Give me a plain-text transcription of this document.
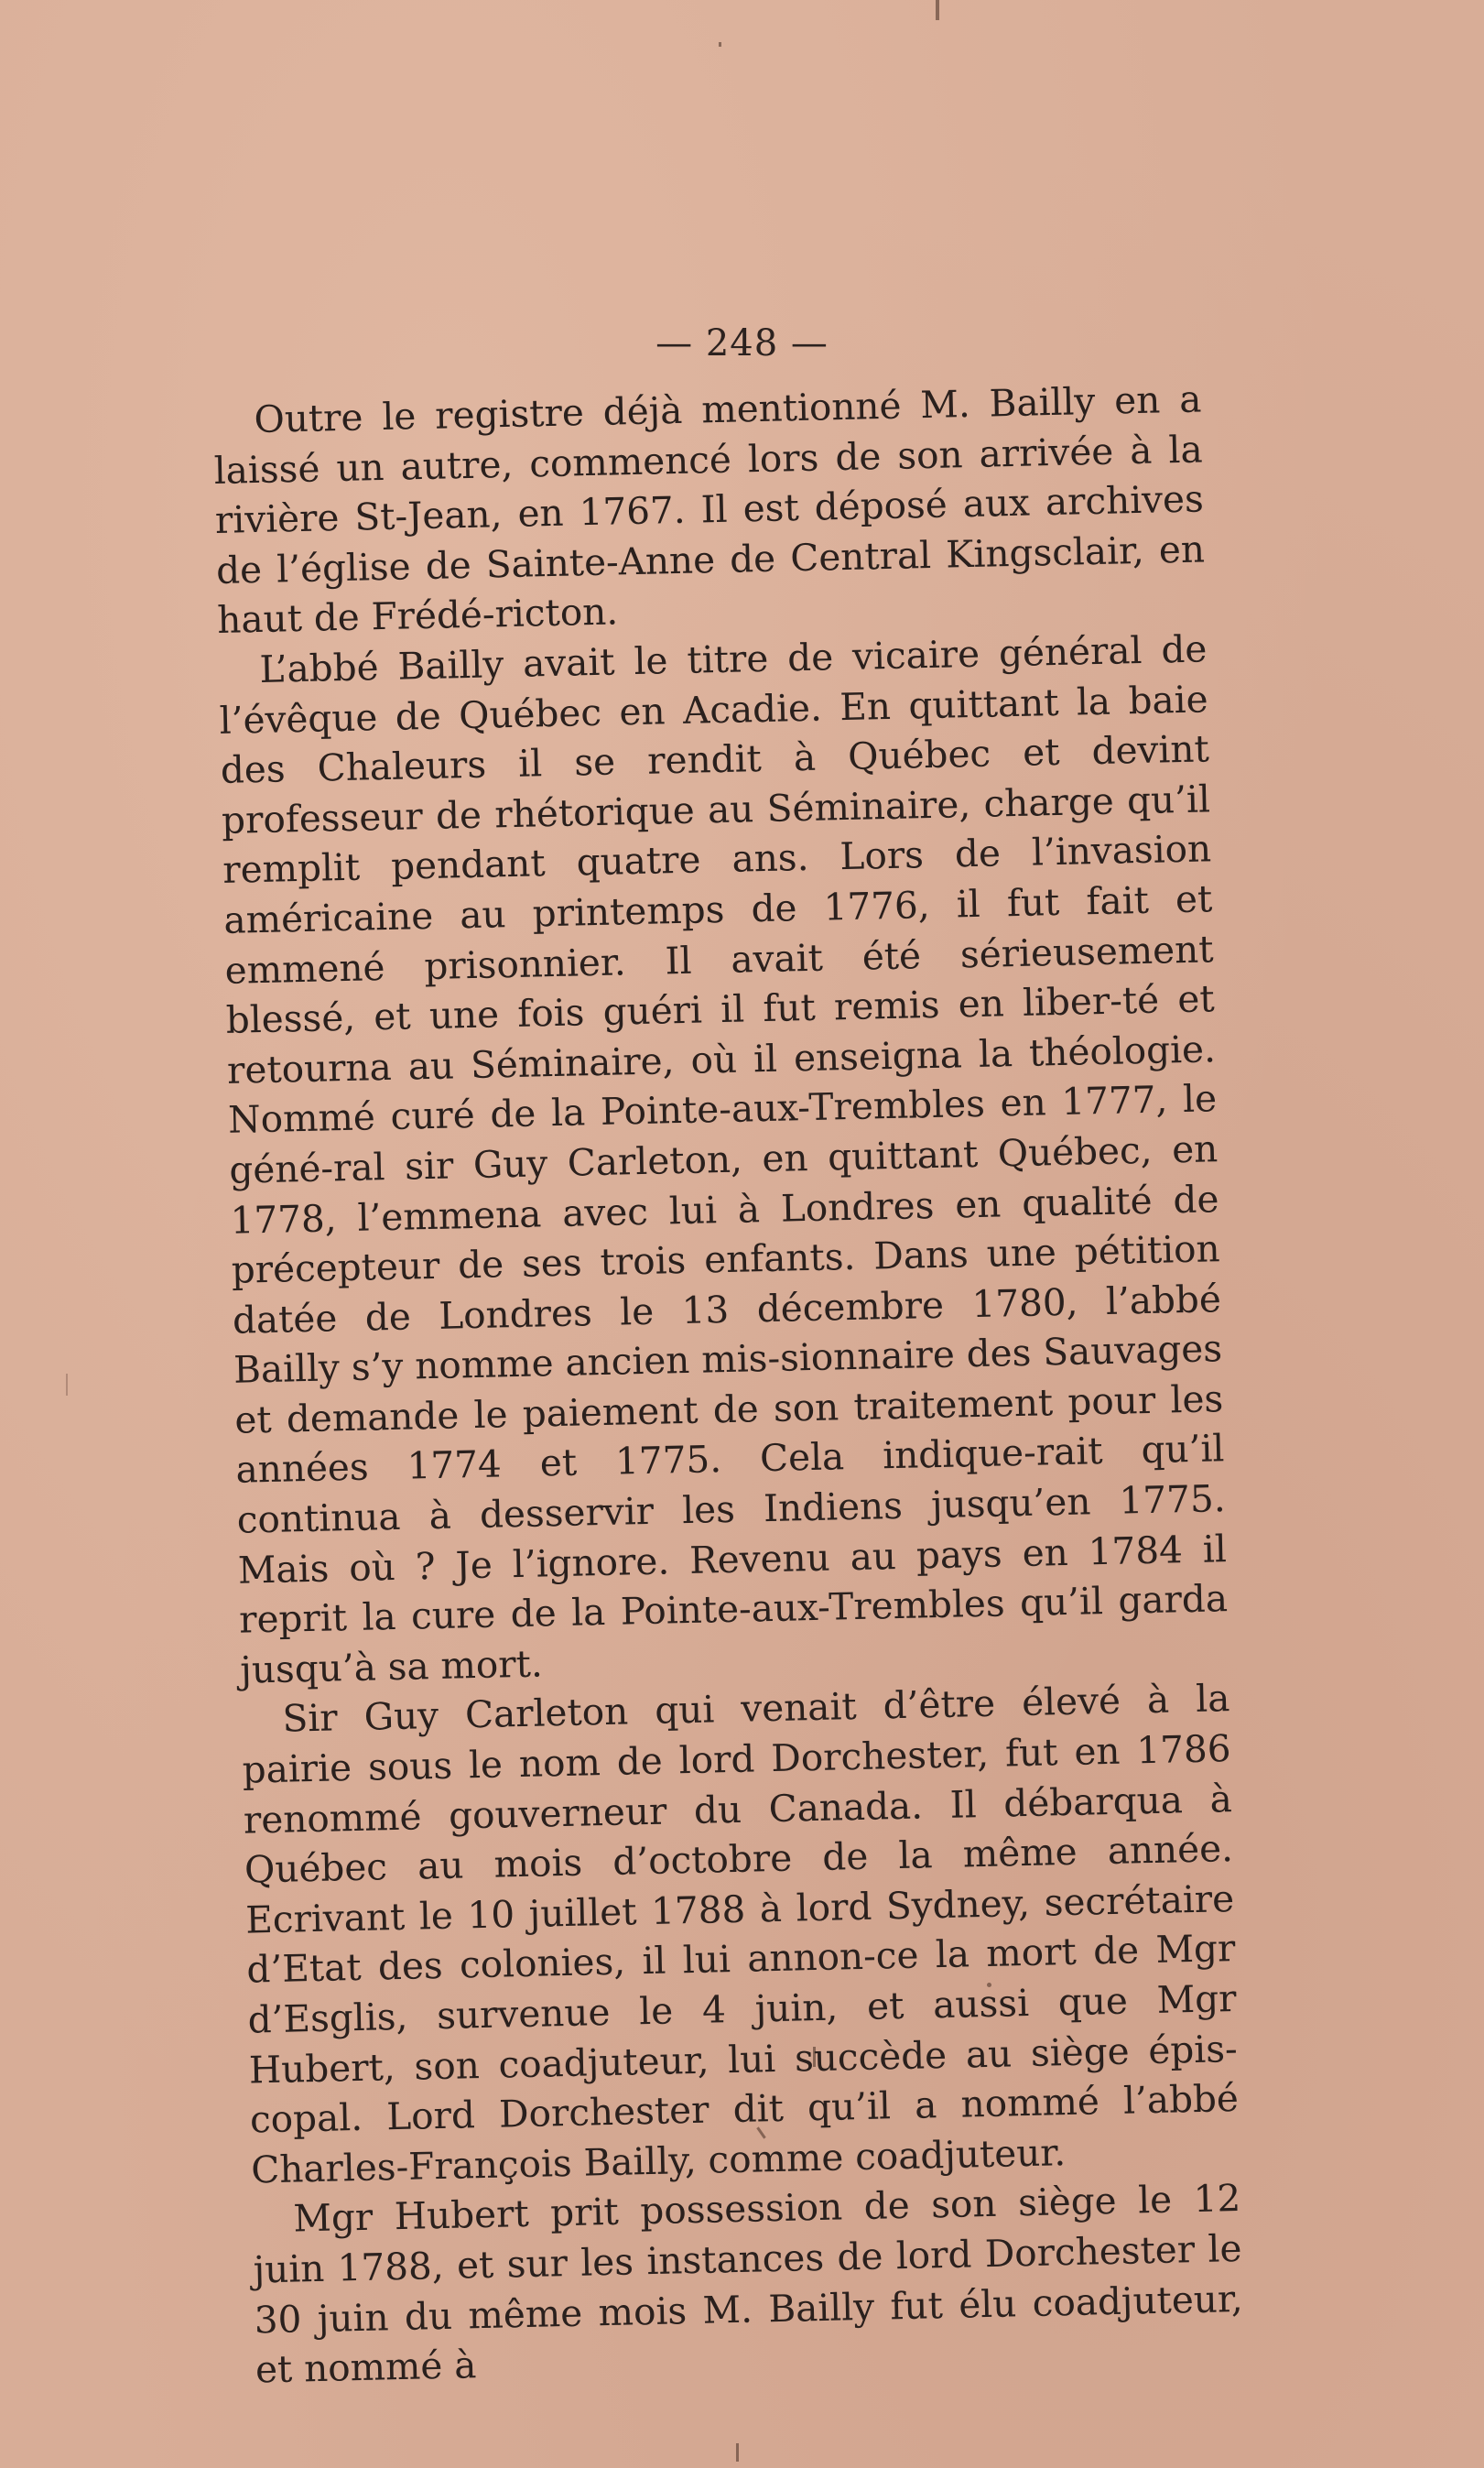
— 248 —

Outre le registre déjà mentionné M. Bailly en a laissé un autre, commencé lors de son arrivée à la rivière St-Jean, en 1767. Il est déposé aux archives de l’église de Sainte-Anne de Central Kingsclair, en haut de Frédé-ricton.

L’abbé Bailly avait le titre de vicaire général de l’évêque de Québec en Acadie. En quittant la baie des Chaleurs il se rendit à Québec et devint professeur de rhétorique au Séminaire, charge qu’il remplit pendant quatre ans. Lors de l’invasion américaine au printemps de 1776, il fut fait et emmené prisonnier. Il avait été sérieusement blessé, et une fois guéri il fut remis en liber-té et retourna au Séminaire, où il enseigna la théologie. Nommé curé de la Pointe-aux-Trembles en 1777, le géné-ral sir Guy Carleton, en quittant Québec, en 1778, l’emmena avec lui à Londres en qualité de précepteur de ses trois enfants. Dans une pétition datée de Londres le 13 décembre 1780, l’abbé Bailly s’y nomme ancien mis-sionnaire des Sauvages et demande le paiement de son traitement pour les années 1774 et 1775. Cela indique-rait qu’il continua à desservir les Indiens jusqu’en 1775. Mais où ? Je l’ignore. Revenu au pays en 1784 il reprit la cure de la Pointe-aux-Trembles qu’il garda jusqu’à sa mort.

Sir Guy Carleton qui venait d’être élevé à la pairie sous le nom de lord Dorchester, fut en 1786 renommé gouverneur du Canada. Il débarqua à Québec au mois d’octobre de la même année. Ecrivant le 10 juillet 1788 à lord Sydney, secrétaire d’Etat des colonies, il lui annon-ce la mort de Mgr d’Esglis, survenue le 4 juin, et aussi que Mgr Hubert, son coadjuteur, lui succède au siège épis-copal. Lord Dorchester dit qu’il a nommé l’abbé Charles-François Bailly, comme coadjuteur.

Mgr Hubert prit possession de son siège le 12 juin 1788, et sur les instances de lord Dorchester le 30 juin du même mois M. Bailly fut élu coadjuteur, et nommé à
